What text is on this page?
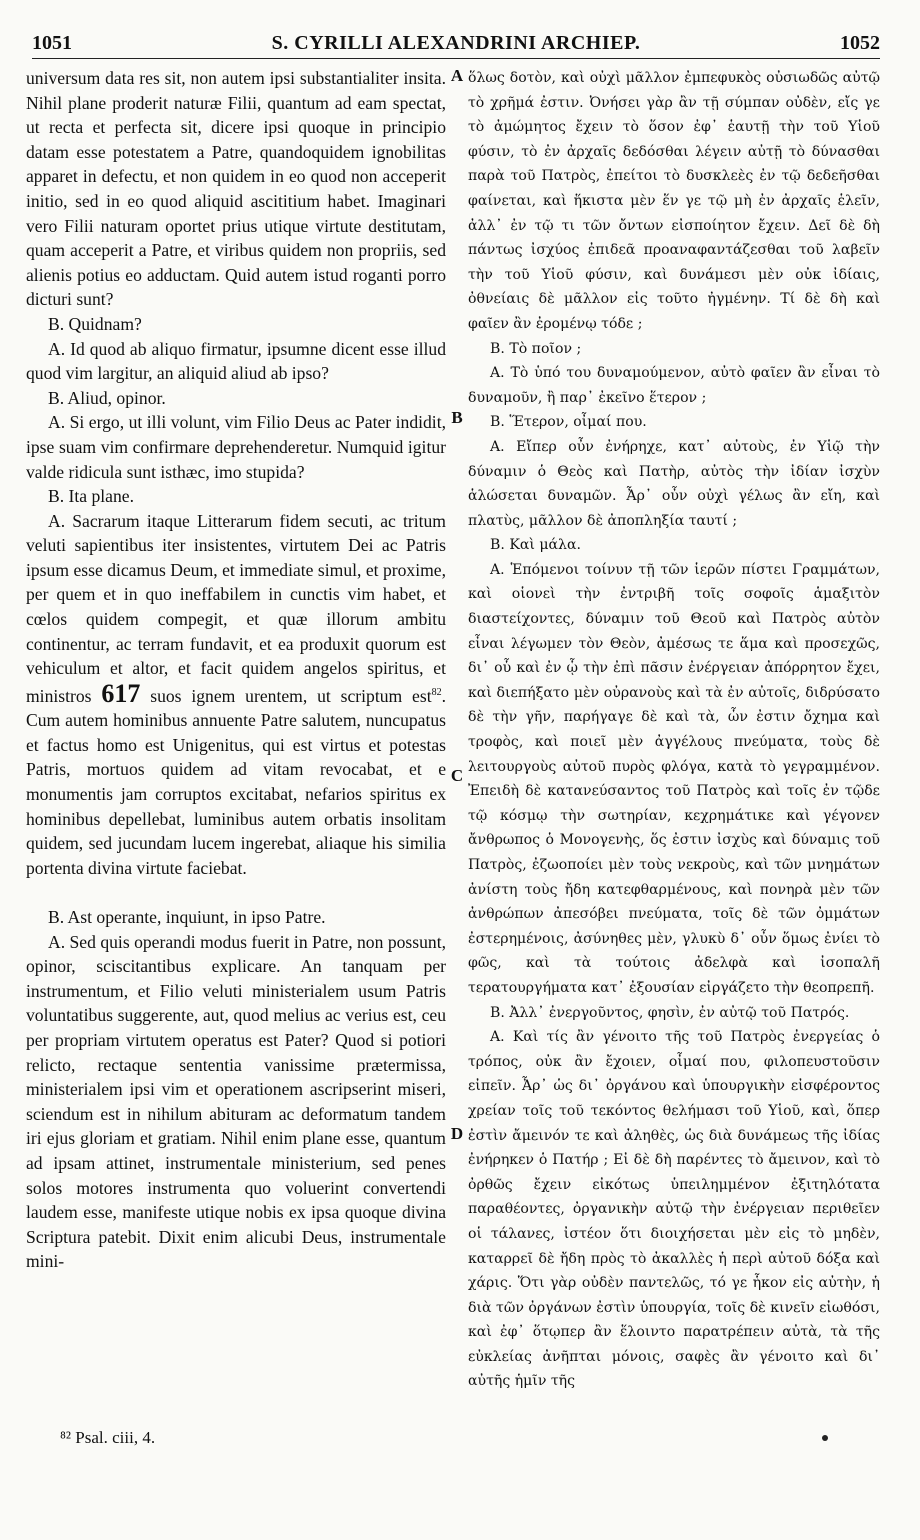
1051	S. CYRILLI ALEXANDRINI ARCHIEP.	1052

universum data res sit, non autem ipsi substantialiter insita. Nihil plane proderit naturæ Filii, quantum ad eam spectat, ut recta et perfecta sit, dicere ipsi quoque in principio datam esse potestatem a Patre, quandoquidem ignobilitas apparet in defectu, et non quidem in eo quod non acceperit initio, sed in eo quod aliquid ascititium habet. Imaginari vero Filii naturam oportet prius utique virtute destitutam, quam acceperit a Patre, et viribus quidem non propriis, sed alienis potius eo adductam. Quid autem istud roganti porro dicturi sunt?

B. Quidnam?

A. Id quod ab aliquo firmatur, ipsumne dicent esse illud quod vim largitur, an aliquid aliud ab ipso?

B. Aliud, opinor.

A. Si ergo, ut illi volunt, vim Filio Deus ac Pater indidit, ipse suam vim confirmare deprehenderetur. Numquid igitur valde ridicula sunt isthæc, imo stupida?

B. Ita plane.

A. Sacrarum itaque Litterarum fidem secuti, ac tritum veluti sapientibus iter insistentes, virtutem Dei ac Patris ipsum esse dicamus Deum, et immediate simul, et proxime, per quem et in quo ineffabilem in cunctis vim habet, et cœlos quidem compegit, et quæ illorum ambitu continentur, ac terram fundavit, et ea produxit quorum est vehiculum et altor, et facit quidem angelos spiritus, et ministros 617 suos ignem urentem, ut scriptum est$^{82}$. Cum autem hominibus annuente Patre salutem, nuncupatus et factus homo est Unigenitus, qui est virtus et potestas Patris, mortuos quidem ad vitam revocabat, et e monumentis jam corruptos excitabat, nefarios spiritus ex hominibus depellebat, luminibus autem orbatis insolitam quidem, sed jucundam lucem ingerebat, aliaque his similia portenta divina virtute faciebat.

B. Ast operante, inquiunt, in ipso Patre.

A. Sed quis operandi modus fuerit in Patre, non possunt, opinor, sciscitantibus explicare. An tanquam per instrumentum, et Filio veluti ministerialem usum Patris voluntatibus suggerente, aut, quod melius ac verius est, ceu per propriam virtutem operatus est Pater? Quod si potiori relicto, rectaque sententia vanissime prætermissa, ministerialem ipsi vim et operationem ascripserint miseri, sciendum est in nihilum abituram ac deformatum tandem iri ejus gloriam et gratiam. Nihil enim plane esse, quantum ad ipsam attinet, instrumentale ministerium, sed penes solos motores instrumenta quo voluerint convertendi laudem esse, manifeste utique nobis ex ipsa quoque divina Scriptura patebit. Dixit enim alicubi Deus, instrumentale mini-

A
B
C
D

ὅλως δοτὸν, καὶ οὐχὶ μᾶλλον ἐμπεφυκὸς οὐσιωδῶς αὐτῷ τὸ χρῆμά ἐστιν. Ὀνήσει γὰρ ἂν τῇ σύμπαν οὐδὲν, εἴς γε τὸ ἀμώμητος ἔχειν τὸ ὅσον ἐφ᾿ ἑαυτῇ τὴν τοῦ Υἱοῦ φύσιν, τὸ ἐν ἀρχαῖς δεδόσθαι λέγειν αὐτῇ τὸ δύνασθαι παρὰ τοῦ Πατρὸς, ἐπείτοι τὸ δυσκλεὲς ἐν τῷ δεδεῆσθαι φαίνεται, καὶ ἥκιστα μὲν ἕν γε τῷ μὴ ἐν ἀρχαῖς ἑλεῖν, ἀλλ᾿ ἐν τῷ τι τῶν ὄντων εἰσποίητον ἔχειν. Δεῖ δὲ δὴ πάντως ἰσχύος ἐπιδεᾶ προαναφαντάζεσθαι τοῦ λαβεῖν τὴν τοῦ Υἱοῦ φύσιν, καὶ δυνάμεσι μὲν οὐκ ἰδίαις, ὀθνείαις δὲ μᾶλλον εἰς τοῦτο ἠγμένην. Τί δὲ δὴ καὶ φαῖεν ἂν ἐρομένῳ τόδε ;

Β. Τὸ ποῖον ;

Α. Τὸ ὑπό του δυναμούμενον, αὐτὸ φαῖεν ἂν εἶναι τὸ δυναμοῦν, ἢ παρ᾿ ἐκεῖνο ἕτερον ;

Β. Ἕτερον, οἶμαί που.

Α. Εἴπερ οὖν ἐνήρηχε, κατ᾿ αὐτοὺς, ἐν Υἱῷ τὴν δύναμιν ὁ Θεὸς καὶ Πατὴρ, αὐτὸς τὴν ἰδίαν ἰσχὺν ἁλώσεται δυναμῶν. Ἆρ᾿ οὖν οὐχὶ γέλως ἂν εἴη, καὶ πλατὺς, μᾶλλον δὲ ἀποπληξία ταυτί ;

Β. Καὶ μάλα.

Α. Ἑπόμενοι τοίνυν τῇ τῶν ἱερῶν πίστει Γραμμάτων, καὶ οἱονεὶ τὴν ἐντριβῆ τοῖς σοφοῖς ἁμαξιτὸν διαστείχοντες, δύναμιν τοῦ Θεοῦ καὶ Πατρὸς αὐτὸν εἶναι λέγωμεν τὸν Θεὸν, ἀμέσως τε ἅμα καὶ προσεχῶς, δι᾿ οὗ καὶ ἐν ᾧ τὴν ἐπὶ πᾶσιν ἐνέργειαν ἀπόρρητον ἔχει, καὶ διεπήξατο μὲν οὐρανοὺς καὶ τὰ ἐν αὐτοῖς, διδρύσατο δὲ τὴν γῆν, παρήγαγε δὲ καὶ τὰ, ὧν ἐστιν ὄχημα καὶ τροφὸς, καὶ ποιεῖ μὲν ἀγγέλους πνεύματα, τοὺς δὲ λειτουργοὺς αὐτοῦ πυρὸς φλόγα, κατὰ τὸ γεγραμμένον. Ἐπειδὴ δὲ κατανεύσαντος τοῦ Πατρὸς καὶ τοῖς ἐν τῷδε τῷ κόσμῳ τὴν σωτηρίαν, κεχρημάτικε καὶ γέγονεν ἄνθρωπος ὁ Μονογενὴς, ὅς ἐστιν ἰσχὺς καὶ δύναμις τοῦ Πατρὸς, ἐζωοποίει μὲν τοὺς νεκροὺς, καὶ τῶν μνημάτων ἀνίστη τοὺς ἤδη κατεφθαρμένους, καὶ πονηρὰ μὲν τῶν ἀνθρώπων ἀπεσόβει πνεύματα, τοῖς δὲ τῶν ὀμμάτων ἐστερημένοις, ἀσύνηθες μὲν, γλυκὺ δ᾿ οὖν ὅμως ἐνίει τὸ φῶς, καὶ τὰ τούτοις ἀδελφὰ καὶ ἰσοπαλῆ τερατουργήματα κατ᾿ ἐξουσίαν εἰργάζετο τὴν θεοπρεπῆ.

Β. Ἀλλ᾿ ἐνεργοῦντος, φησὶν, ἐν αὐτῷ τοῦ Πατρός.

Α. Καὶ τίς ἂν γένοιτο τῆς τοῦ Πατρὸς ἐνεργείας ὁ τρόπος, οὐκ ἂν ἔχοιεν, οἶμαί που, φιλοπευστοῦσιν εἰπεῖν. Ἆρ᾿ ὡς δι᾿ ὀργάνου καὶ ὑπουργικὴν εἰσφέροντος χρείαν τοῖς τοῦ τεκόντος θελήμασι τοῦ Υἱοῦ, καὶ, ὅπερ ἐστὶν ἄμεινόν τε καὶ ἀληθὲς, ὡς διὰ δυνάμεως τῆς ἰδίας ἐνήρηκεν ὁ Πατήρ ; Εἰ δὲ δὴ παρέντες τὸ ἄμεινον, καὶ τὸ ὀρθῶς ἔχειν εἰκότως ὑπειλημμένον ἐξιτηλότατα παραθέοντες, ὀργανικὴν αὐτῷ τὴν ἐνέργειαν περιθεῖεν οἱ τάλανες, ἰστέον ὅτι διοιχήσεται μὲν εἰς τὸ μηδὲν, καταρρεῖ δὲ ἤδη πρὸς τὸ ἀκαλλὲς ἡ περὶ αὐτοῦ δόξα καὶ χάρις. Ὅτι γὰρ οὐδὲν παντελῶς, τό γε ἧκον εἰς αὐτὴν, ἡ διὰ τῶν ὀργάνων ἐστὶν ὑπουργία, τοῖς δὲ κινεῖν εἰωθόσι, καὶ ἐφ᾿ ὅτῳπερ ἂν ἕλοιντο παρατρέπειν αὐτὰ, τὰ τῆς εὐκλείας ἀνῆπται μόνοις, σαφὲς ἂν γένοιτο καὶ δι᾿ αὐτῆς ἡμῖν τῆς

⁸² Psal. ciii, 4.
